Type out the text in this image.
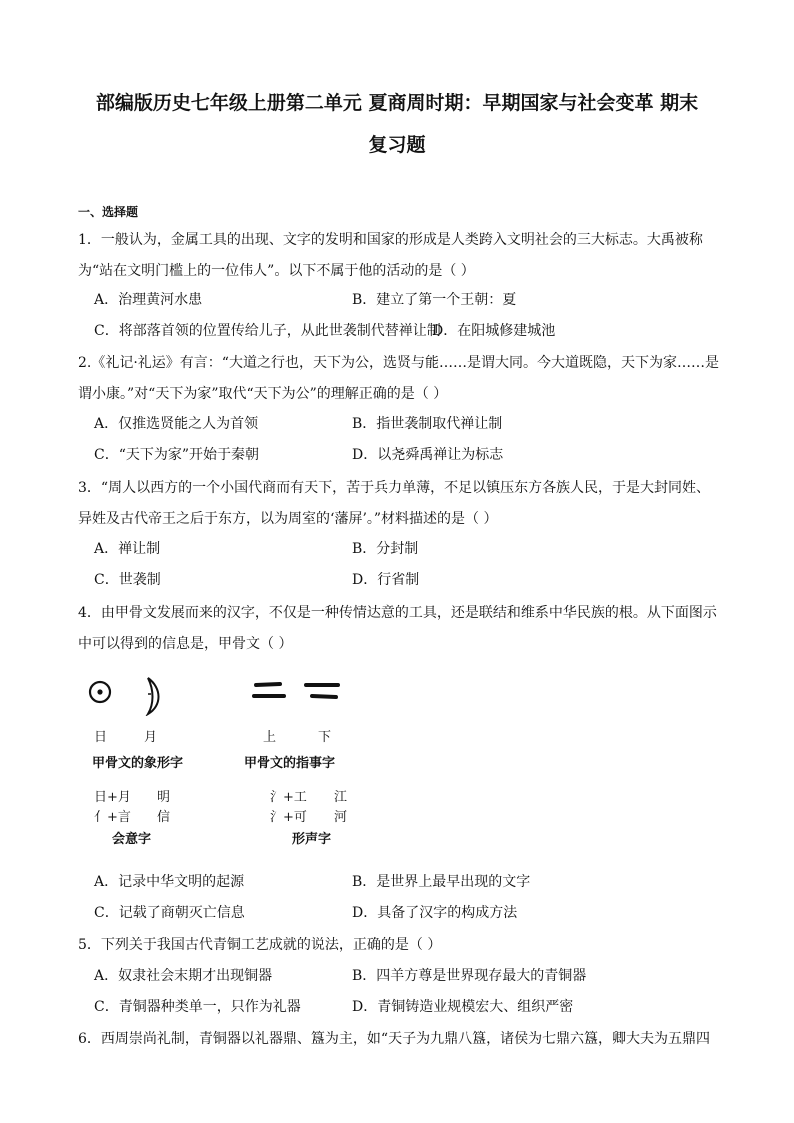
部编版历史七年级上册第二单元 夏商周时期：早期国家与社会变革 期末
复习题
一、选择题
1．一般认为，金属工具的出现、文字的发明和国家的形成是人类跨入文明社会的三大标志。大禹被称为“站在文明门槛上的一位伟人”。以下不属于他的活动的是（ ）
A．治理黄河水患	B．建立了第一个王朝：夏
C．将部落首领的位置传给儿子，从此世袭制代替禅让制
D．在阳城修建城池
2.《礼记·礼运》有言：“大道之行也，天下为公，选贤与能……是谓大同。今大道既隐，天下为家……是谓小康。”对“天下为家”取代“天下为公”的理解正确的是（ ）
A．仅推选贤能之人为首领	B．指世袭制取代禅让制
C．“天下为家”开始于秦朝	D．以尧舜禹禅让为标志
3．“周人以西方的一个小国代商而有天下，苦于兵力单薄，不足以镇压东方各族人民，于是大封同姓、异姓及古代帝王之后于东方，以为周室的‘藩屏’。”材料描述的是（ ）
A．禅让制	B．分封制
C．世袭制	D．行省制
4．由甲骨文发展而来的汉字，不仅是一种传情达意的工具，还是联结和维系中华民族的根。从下面图示中可以得到的信息是，甲骨文（ ）
日	月	上	下
甲骨文的象形字	甲骨文的指事字
日+月 明
亻+言 信
会意字
氵+工 江
氵+可 河
形声字
A．记录中华文明的起源	B．是世界上最早出现的文字
C．记载了商朝灭亡信息	D．具备了汉字的构成方法
5．下列关于我国古代青铜工艺成就的说法，正确的是（ ）
A．奴隶社会末期才出现铜器	B．四羊方尊是世界现存最大的青铜器
C．青铜器种类单一，只作为礼器	D．青铜铸造业规模宏大、组织严密
6．西周崇尚礼制，青铜器以礼器鼎、簋为主，如“天子为九鼎八簋，诸侯为七鼎六簋，卿大夫为五鼎四
